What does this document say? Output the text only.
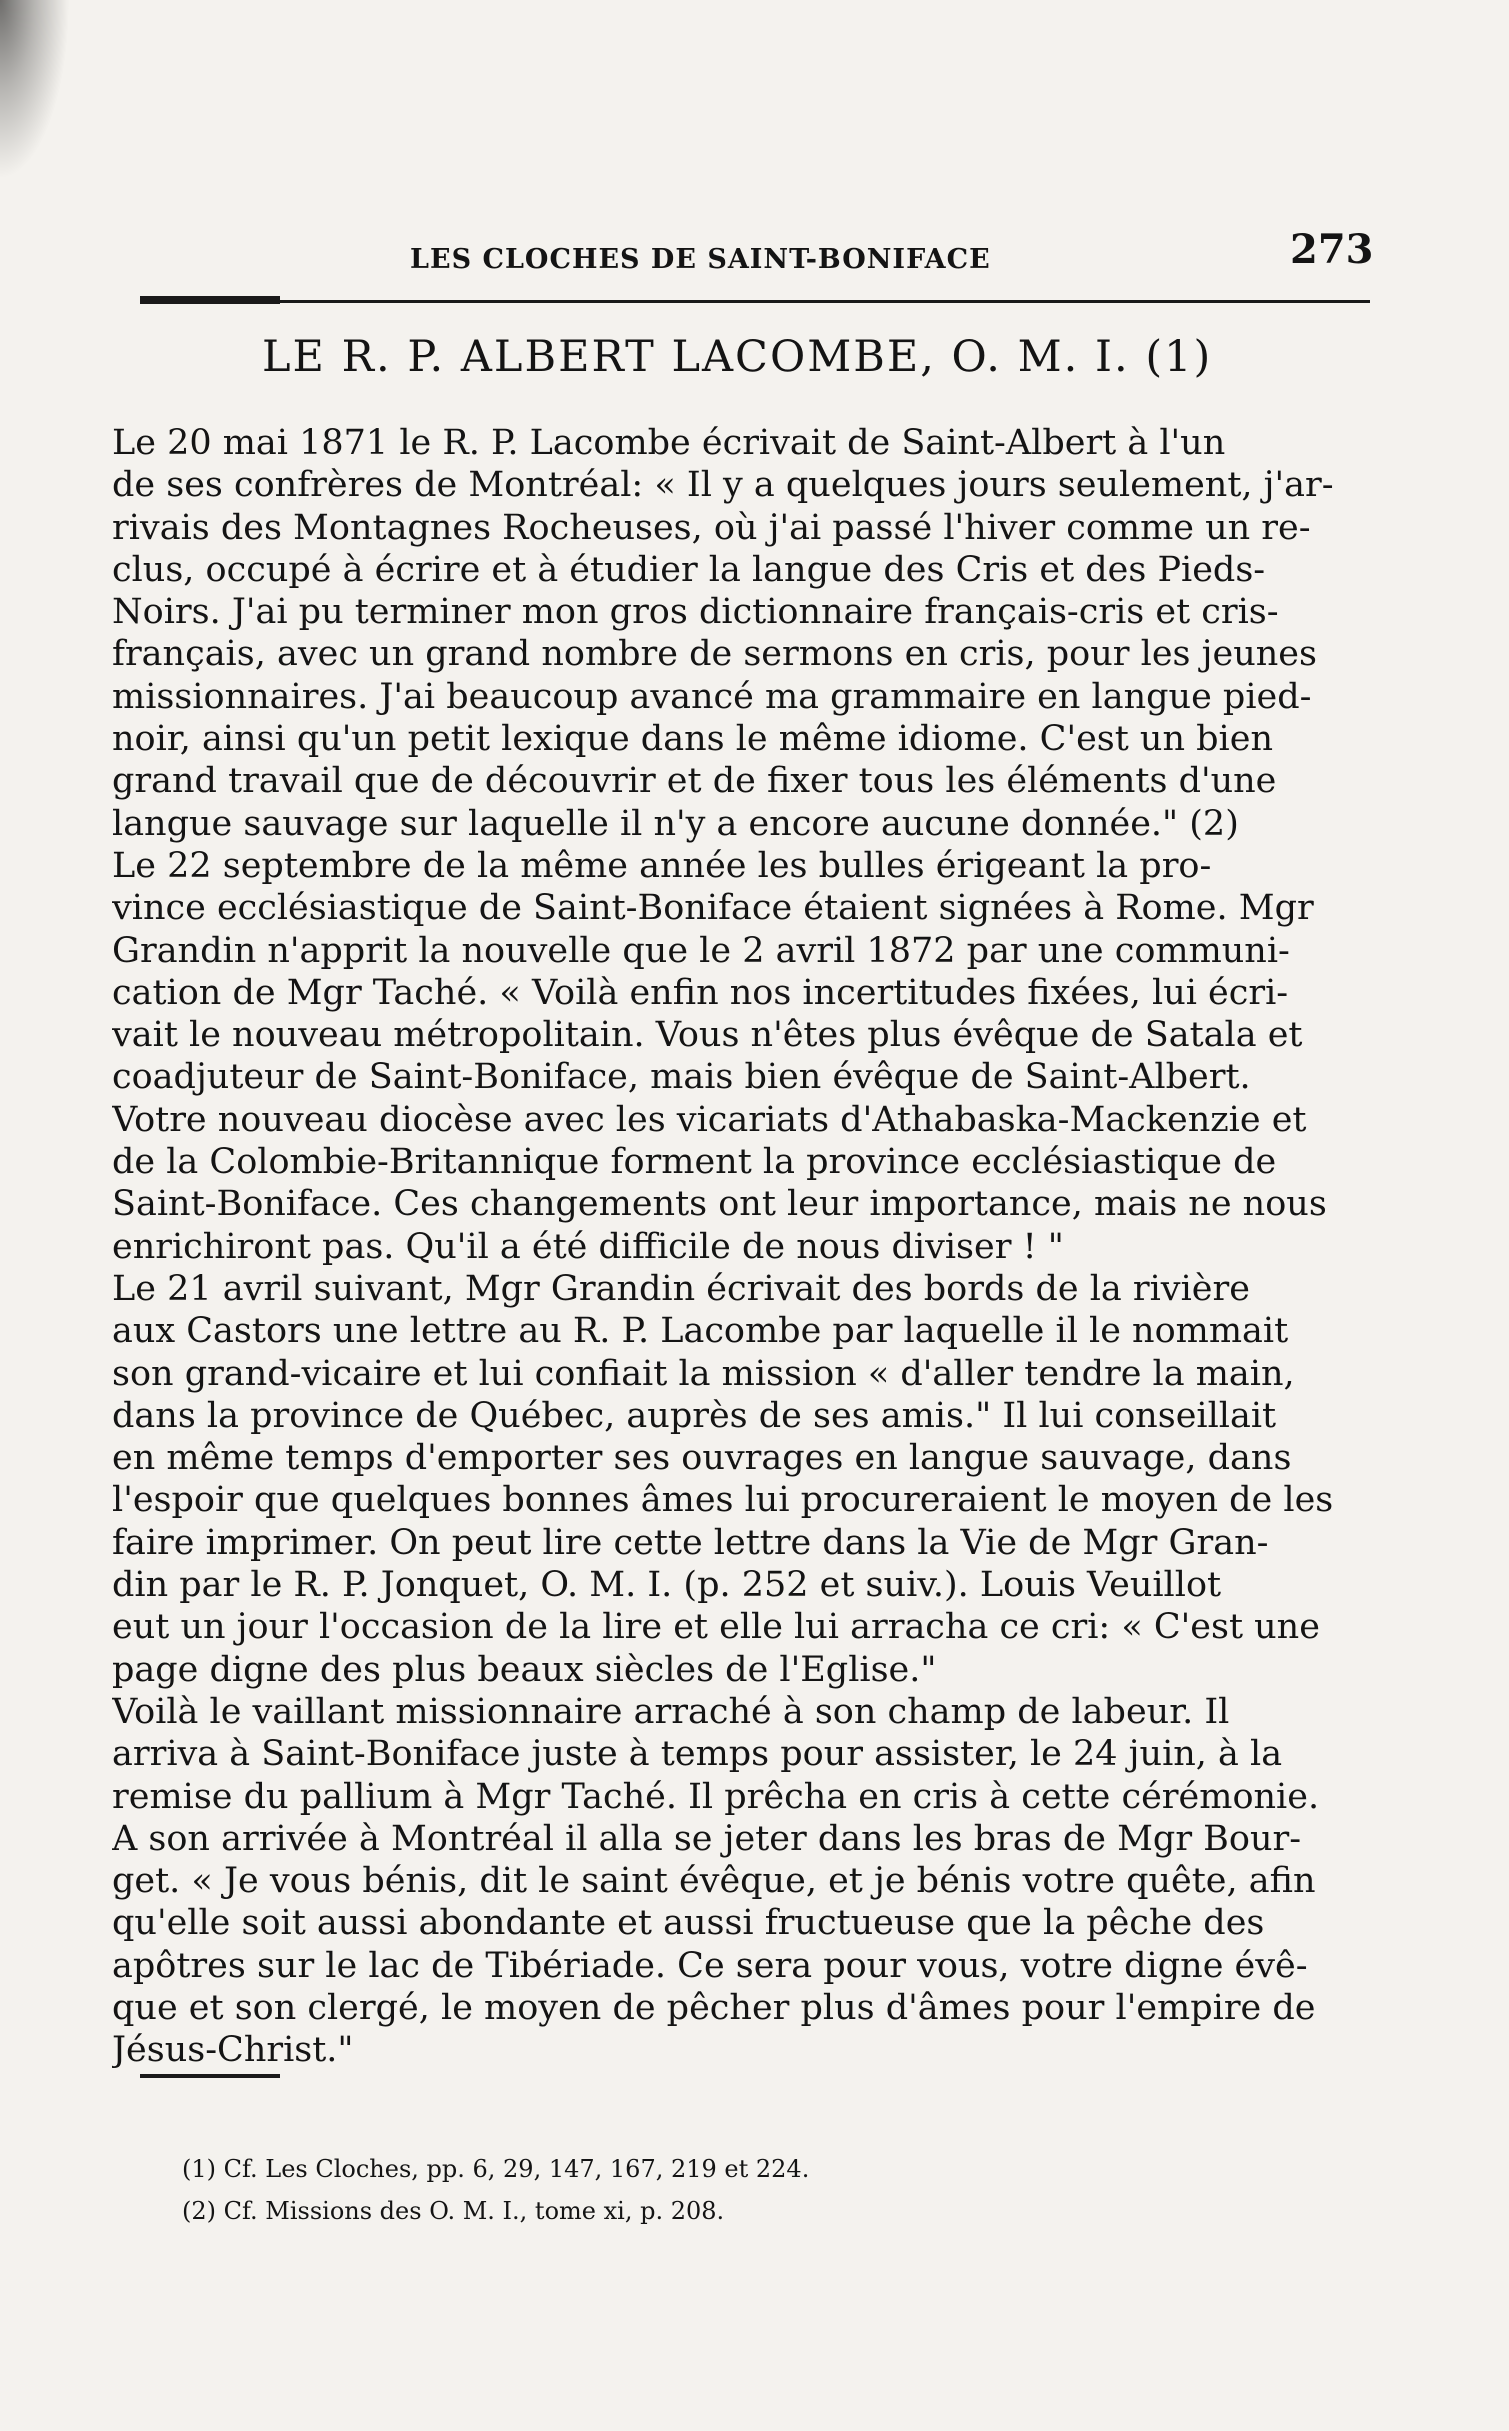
LES CLOCHES DE SAINT-BONIFACE	273
LE R. P. ALBERT LACOMBE, O. M. I. (1)
Le 20 mai 1871 le R. P. Lacombe écrivait de Saint-Albert à l'un
de ses confrères de Montréal: « Il y a quelques jours seulement, j'ar-
rivais des Montagnes Rocheuses, où j'ai passé l'hiver comme un re-
clus, occupé à écrire et à étudier la langue des Cris et des Pieds-
Noirs. J'ai pu terminer mon gros dictionnaire français-cris et cris-
français, avec un grand nombre de sermons en cris, pour les jeunes
missionnaires. J'ai beaucoup avancé ma grammaire en langue pied-
noir, ainsi qu'un petit lexique dans le même idiome. C'est un bien
grand travail que de découvrir et de fixer tous les éléments d'une
langue sauvage sur laquelle il n'y a encore aucune donnée." (2)
Le 22 septembre de la même année les bulles érigeant la pro-
vince ecclésiastique de Saint-Boniface étaient signées à Rome. Mgr
Grandin n'apprit la nouvelle que le 2 avril 1872 par une communi-
cation de Mgr Taché. « Voilà enfin nos incertitudes fixées, lui écri-
vait le nouveau métropolitain. Vous n'êtes plus évêque de Satala et
coadjuteur de Saint-Boniface, mais bien évêque de Saint-Albert.
Votre nouveau diocèse avec les vicariats d'Athabaska-Mackenzie et
de la Colombie-Britannique forment la province ecclésiastique de
Saint-Boniface. Ces changements ont leur importance, mais ne nous
enrichiront pas. Qu'il a été difficile de nous diviser ! "
Le 21 avril suivant, Mgr Grandin écrivait des bords de la rivière
aux Castors une lettre au R. P. Lacombe par laquelle il le nommait
son grand-vicaire et lui confiait la mission « d'aller tendre la main,
dans la province de Québec, auprès de ses amis." Il lui conseillait
en même temps d'emporter ses ouvrages en langue sauvage, dans
l'espoir que quelques bonnes âmes lui procureraient le moyen de les
faire imprimer. On peut lire cette lettre dans la Vie de Mgr Gran-
din par le R. P. Jonquet, O. M. I. (p. 252 et suiv.). Louis Veuillot
eut un jour l'occasion de la lire et elle lui arracha ce cri: « C'est une
page digne des plus beaux siècles de l'Eglise."
Voilà le vaillant missionnaire arraché à son champ de labeur. Il
arriva à Saint-Boniface juste à temps pour assister, le 24 juin, à la
remise du pallium à Mgr Taché. Il prêcha en cris à cette cérémonie.
A son arrivée à Montréal il alla se jeter dans les bras de Mgr Bour-
get. « Je vous bénis, dit le saint évêque, et je bénis votre quête, afin
qu'elle soit aussi abondante et aussi fructueuse que la pêche des
apôtres sur le lac de Tibériade. Ce sera pour vous, votre digne évê-
que et son clergé, le moyen de pêcher plus d'âmes pour l'empire de
Jésus-Christ."
(1) Cf. Les Cloches, pp. 6, 29, 147, 167, 219 et 224.
(2) Cf. Missions des O. M. I., tome xi, p. 208.
